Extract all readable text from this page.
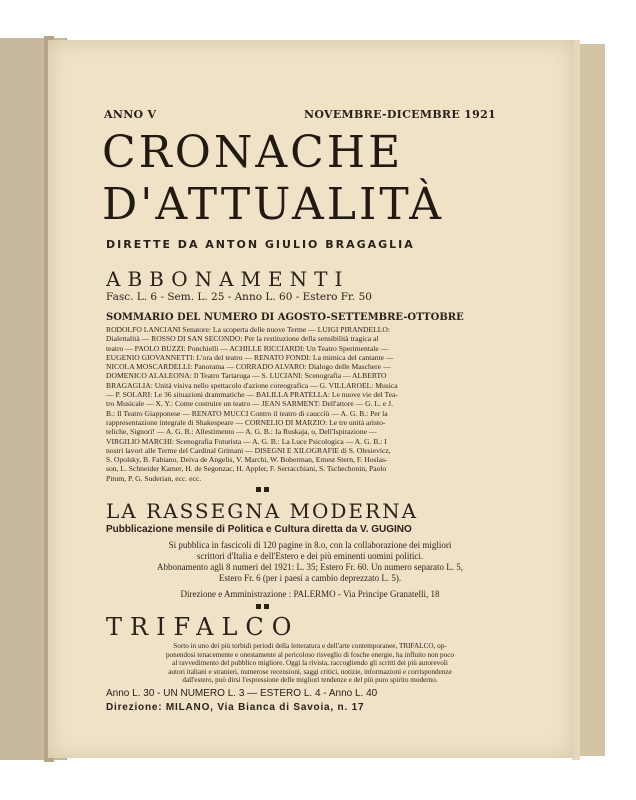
ANNO V	NOVEMBRE-DICEMBRE 1921
CRONACHE
D'ATTUALITÀ
DIRETTE DA ANTON GIULIO BRAGAGLIA
ABBONAMENTI
Fasc. L. 6 - Sem. L. 25 - Anno L. 60 - Estero Fr. 50
SOMMARIO DEL NUMERO DI AGOSTO-SETTEMBRE-OTTOBRE
RODOLFO LANCIANI Senatore: La scoperta delle nuove Terme — LUIGI PIRANDELLO:
Dialettalità — ROSSO DI SAN SECONDO: Per la restituzione della sensibilità tragica al
teatro — PAOLO BUZZI: Ponchielli — ACHILLE RICCIARDI: Un Teatro Sperimentale —
EUGENIO GIOVANNETTI: L'ora del teatro — RENATO FONDI: La mimica del cantante —
NICOLA MOSCARDELLI: Panorama — CORRADO ALVARO: Dialogo delle Maschere —
DOMENICO ALALEONA: Il Teatro Tartaruga — S. LUCIANI: Scenografia — ALBERTO
BRAGAGLIA: Unità visiva nello spettacolo d'azione coreografica — G. VILLAROEL: Musica
— P. SOLARI: Le 36 situazioni drammatiche — BALILLA PRATELLA: Le nuove vie del Tea-
tro Musicale — X. Y.: Come costruire un teatro — JEAN SARMENT: Dell'attore — G. L. e J.
B.: Il Teatro Giapponese — RENATO MUCCI Contro il teatro di cauccìù — A. G. B.: Per la
rappresentazione integrale di Shakespeare — CORNELIO DI MARZIO: Le tre unità aristo-
teliche, Signori! — A. G. B.: Allestimento — A. G. B.: Ja Ruskaja, o, Dell'Ispirazione —
VIRGILIO MARCHI: Scenografia Futurista — A. G. B.: La Luce Psicologica — A. G. B.: I
nostri lavori alle Terme del Cardinal Grimani — DISEGNI E XILOGRAFIE di S. Olesievicz,
S. Opolsky, B. Fabiano, Deiva de Angelis, V. Marchi, W. Boberman, Ernest Stern, F. Hoslas-
son, L. Schneider Kamer, H. de Segonzac, H. Appler, F. Serracchiani, S. Tschechonin, Paolo
Pitum, P. G. Suderian, ecc. ecc.
LA RASSEGNA MODERNA
Pubblicazione mensile di Politica e Cultura diretta da V. GUGINO
Si pubblica in fascicoli di 120 pagine in 8.o, con la collaborazione dei migliori
scrittori d'Italia e dell'Estero e dei più eminenti uomini politici.
Abbonamento agli 8 numeri del 1921: L. 35; Estero Fr. 60. Un numero separato L. 5,
Estero Fr. 6 (per i paesi a cambio deprezzato L. 5).
Direzione e Amministrazione : PALERMO - Via Principe Granatelli, 18
TRIFALCO
Sorto in uno dei più torbidi periodi della letteratura e dell'arte contemporanee, TRIFALCO, op-
ponendosi tenacemente e onestamente al pericoloso risveglio di fosche energie, ha influito non poco
al ravvedimento del pubblico migliore. Oggi la rivista, raccogliendo gli scritti dei più autorevoli
autori italiani e stranieri, numerose recensioni, saggi critici, notizie, informazioni e corrispondenze
dall'estero, può dirsi l'espressione delle migliori tendenze e del più puro spirito moderno.
Anno L. 30 - UN NUMERO L. 3 — ESTERO L. 4 - Anno L. 40
Direzione: MILANO, Via Bianca di Savoia, n. 17
